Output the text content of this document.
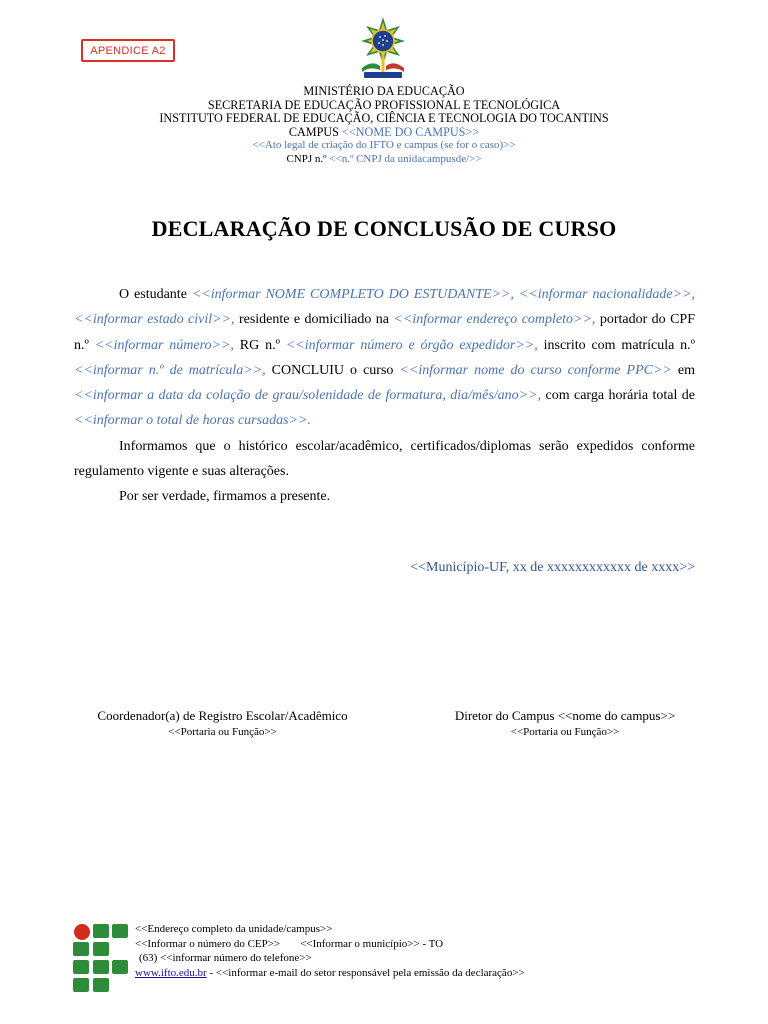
APENDICE A2
MINISTÉRIO DA EDUCAÇÃO
SECRETARIA DE EDUCAÇÃO PROFISSIONAL E TECNOLÓGICA
INSTITUTO FEDERAL DE EDUCAÇÃO, CIÊNCIA E TECNOLOGIA DO TOCANTINS
CAMPUS <<NOME DO CAMPUS>>
<<Ato legal de criação do IFTO e campus (se for o caso)>>
CNPJ n.º <<n.º CNPJ da unidacampusde/>>
DECLARAÇÃO DE CONCLUSÃO DE CURSO

O estudante <<informar NOME COMPLETO DO ESTUDANTE>>, <<informar nacionalidade>>, <<informar estado civil>>, residente e domiciliado na <<informar endereço completo>>, portador do CPF n.º <<informar número>>, RG n.º <<informar número e órgão expedidor>>, inscrito com matrícula n.º <<informar n.º de matrícula>>, CONCLUIU o curso <<informar nome do curso conforme PPC>> em <<informar a data da colação de grau/solenidade de formatura, dia/mês/ano>>, com carga horária total de <<informar o total de horas cursadas>>.

Informamos que o histórico escolar/acadêmico, certificados/diplomas serão expedidos conforme regulamento vigente e suas alterações.

Por ser verdade, firmamos a presente.

<<Município-UF, xx de xxxxxxxxxxxx de xxxx>>
Coordenador(a) de Registro Escolar/Acadêmico
<<Portaria ou Função>>
Diretor do Campus <<nome do campus>>
<<Portaria ou Função>>
<<Endereço completo da unidade/campus>>
<<Informar o número do CEP>> <<Informar o município>> - TO
(63) <<informar número do telefone>>
www.ifto.edu.br - <<informar e-mail do setor responsável pela emissão da declaração>>
